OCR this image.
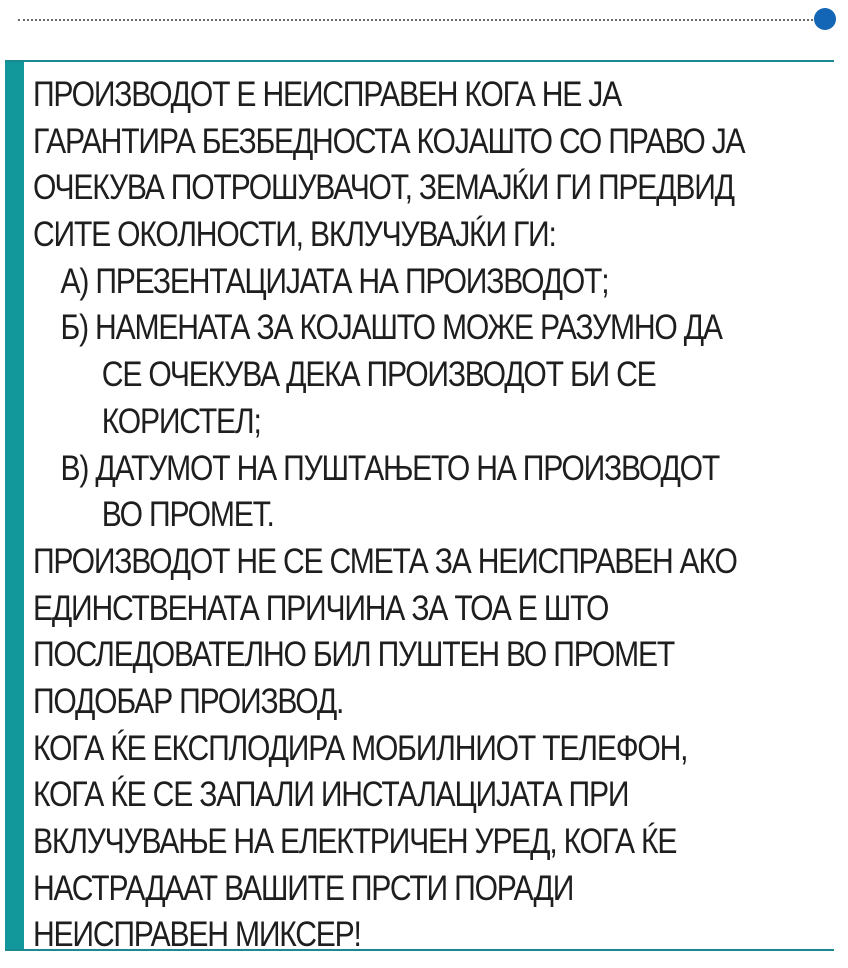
ПРОИЗВОДОТ Е НЕИСПРАВЕН КОГА НЕ ЈА
ГАРАНТИРА БЕЗБЕДНОСТА КОЈАШТО СО ПРАВО ЈА
ОЧЕКУВА ПОТРОШУВАЧОТ, ЗЕМАЈЌИ ГИ ПРЕДВИД
СИТЕ ОКОЛНОСТИ, ВКЛУЧУВАЈЌИ ГИ:
А) ПРЕЗЕНТАЦИЈАТА НА ПРОИЗВОДОТ;
Б) НАМЕНАТА ЗА КОЈАШТО МОЖЕ РАЗУМНО ДА
СЕ ОЧЕКУВА ДЕКА ПРОИЗВОДОТ БИ СЕ
КОРИСТЕЛ;
В) ДАТУМОТ НА ПУШТАЊЕТО НА ПРОИЗВОДОТ
ВО ПРОМЕТ.
ПРОИЗВОДОТ НЕ СЕ СМЕТА ЗА НЕИСПРАВЕН АКО
ЕДИНСТВЕНАТА ПРИЧИНА ЗА ТОА Е ШТО
ПОСЛЕДОВАТЕЛНО БИЛ ПУШТЕН ВО ПРОМЕТ
ПОДОБАР ПРОИЗВОД.
КОГА ЌЕ ЕКСПЛОДИРА МОБИЛНИОТ ТЕЛЕФОН,
КОГА ЌЕ СЕ ЗАПАЛИ ИНСТАЛАЦИЈАТА ПРИ
ВКЛУЧУВАЊЕ НА ЕЛЕКТРИЧЕН УРЕД, КОГА ЌЕ
НАСТРАДААТ ВАШИТЕ ПРСТИ ПОРАДИ
НЕИСПРАВЕН МИКСЕР!
